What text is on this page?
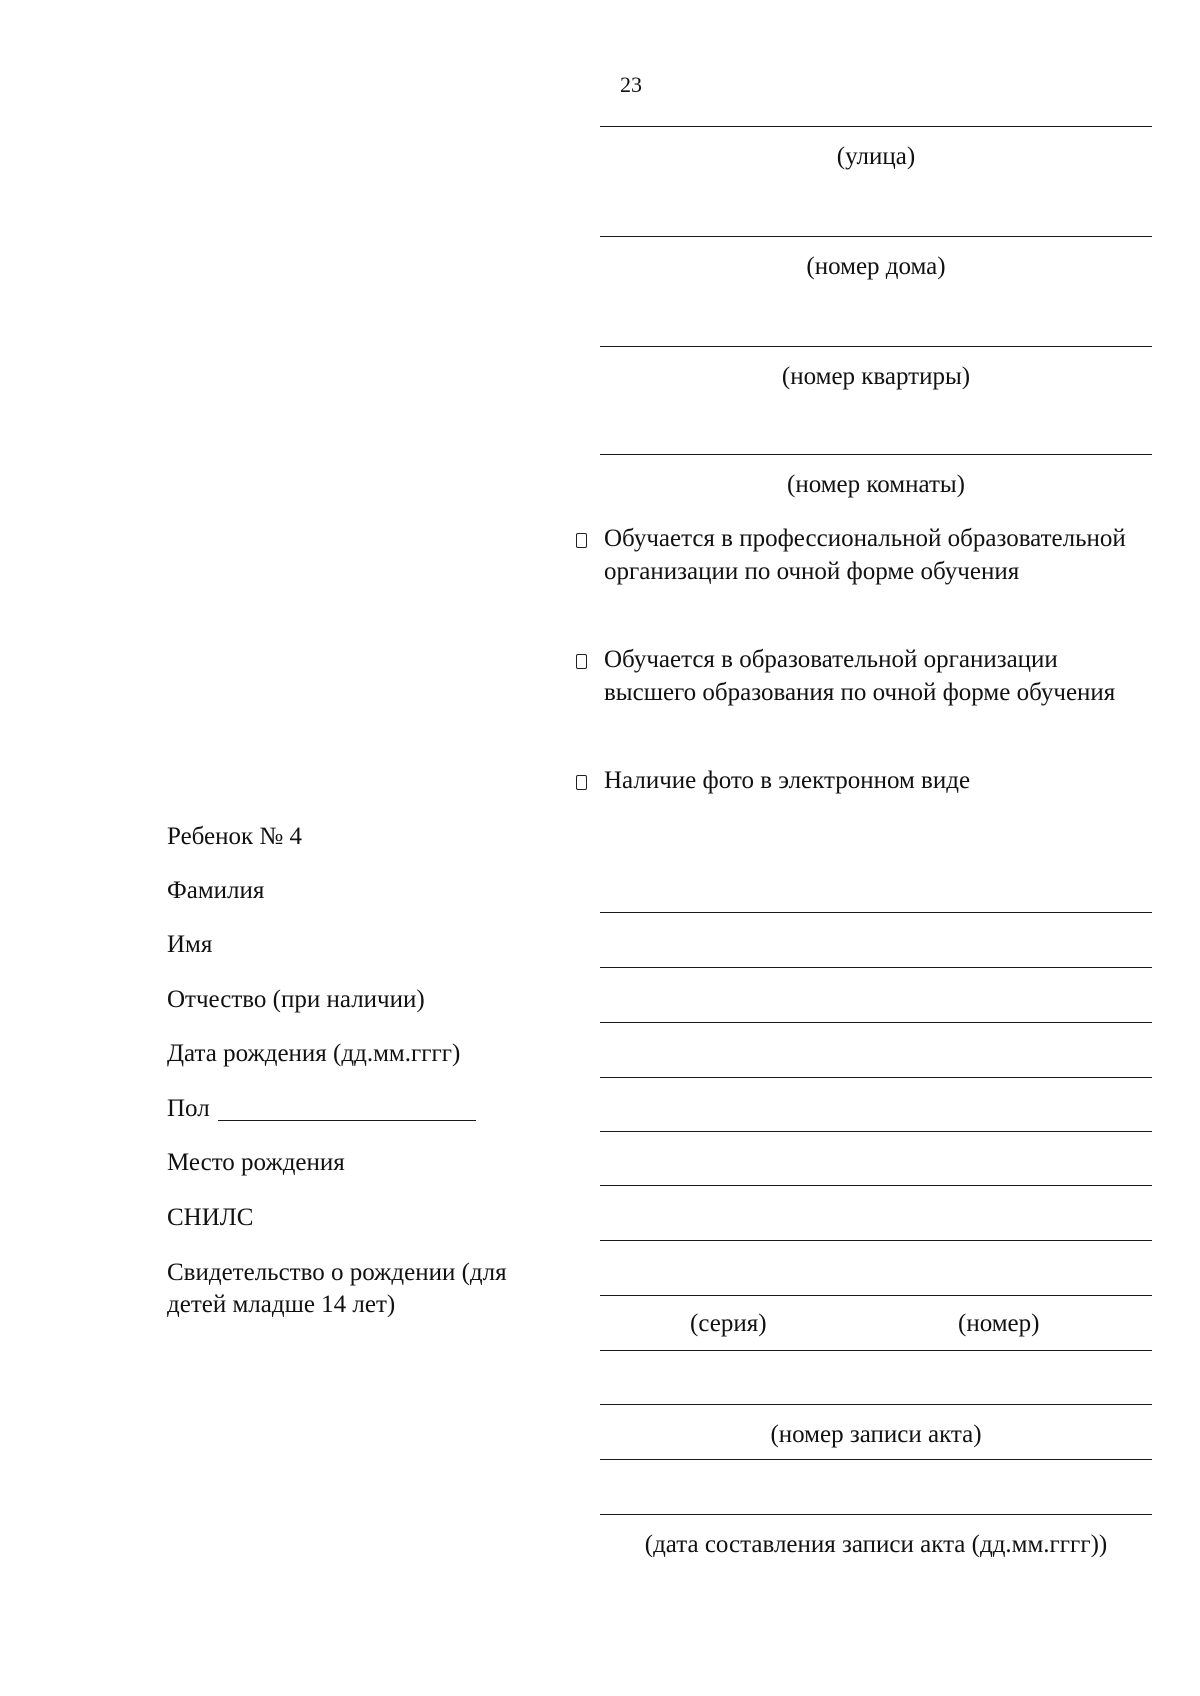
23
(улица)
(номер дома)
(номер квартиры)
(номер комнаты)
Обучается в профессиональной образовательной организации по очной форме обучения
Обучается в образовательной организации высшего образования по очной форме обучения
Наличие фото в электронном виде
Ребенок № 4
Фамилия
Имя
Отчество (при наличии)
Дата рождения (дд.мм.гггг)
Пол
Место рождения
СНИЛС
Свидетельство о рождении (для
детей младше 14 лет)
(серия)	(номер)
(номер записи акта)
(дата составления записи акта (дд.мм.гггг))
